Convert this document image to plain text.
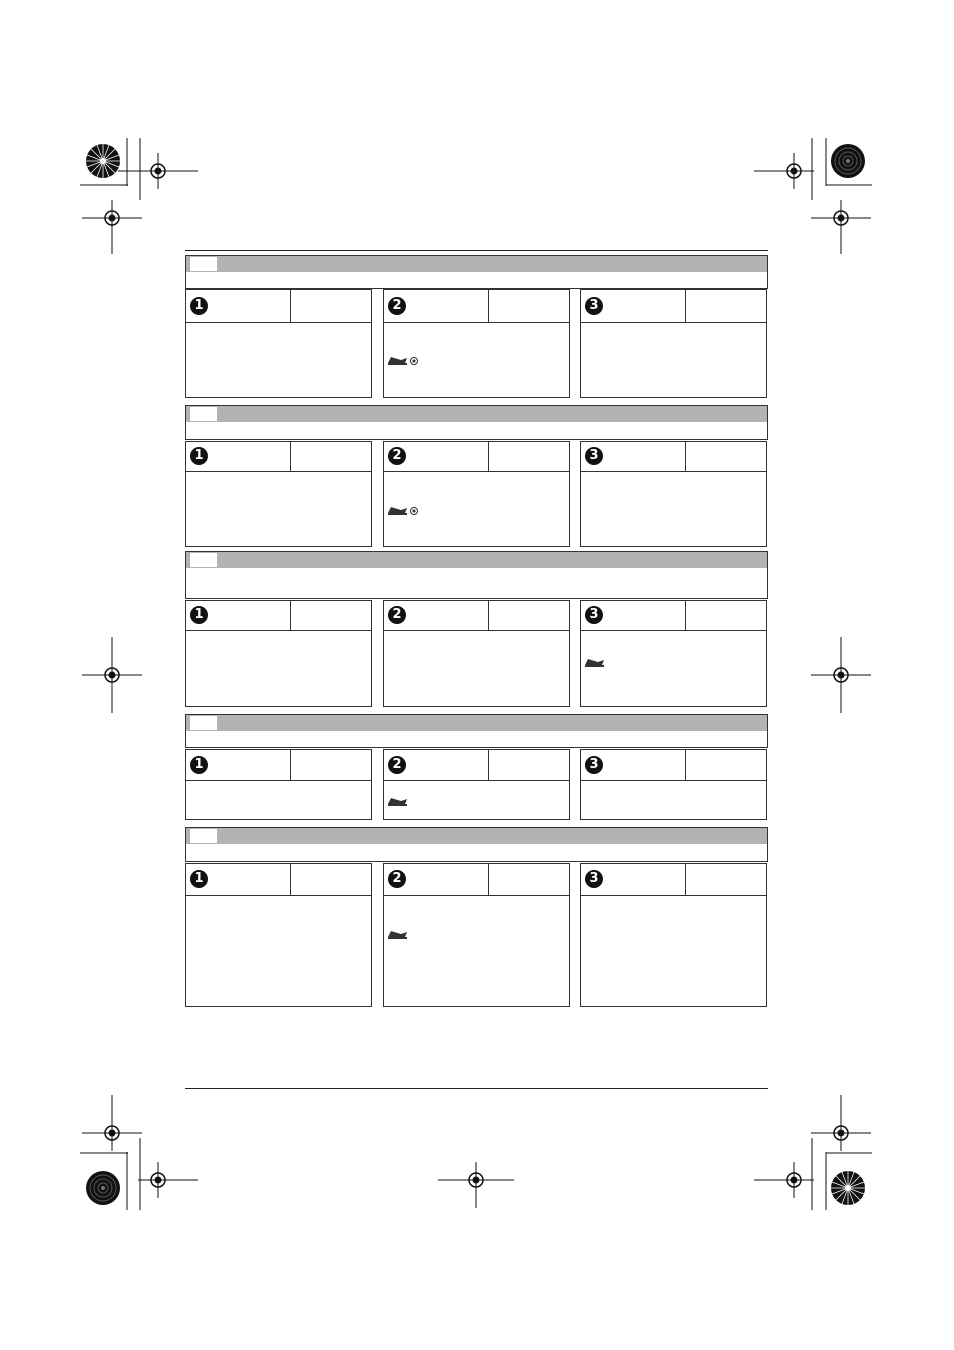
1	2	3
1	2	3
1	2	3
1	2	3
1	2	3
